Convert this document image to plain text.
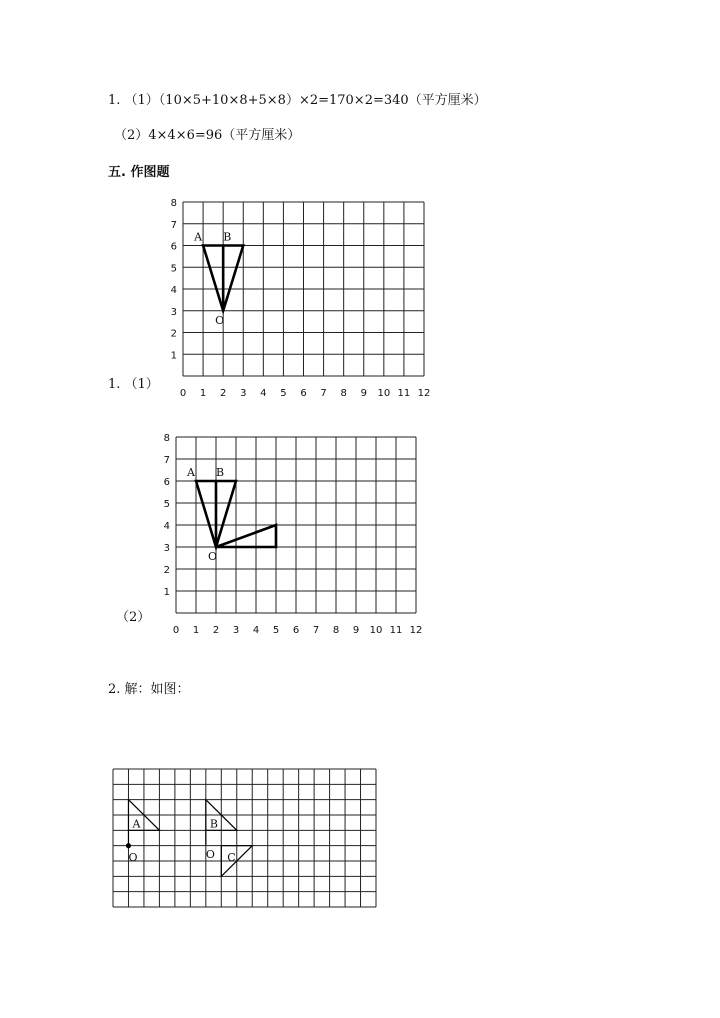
1. （1）（10×5+10×8+5×8）×2=170×2=340（平方厘米）
（2）4×4×6=96（平方厘米）
五. 作图题
1. （1）
（2）
2. 解：如图：
0 1 2 3 4 5 6 7 8 9 10 11 12
1
2
3
4
5
6
7
8
A B
O
0 1 2 3 4 5 6 7 8 9 10 11 12
1
2
3
4
5
6
7
8
A B
O
A	B
C
O	O
